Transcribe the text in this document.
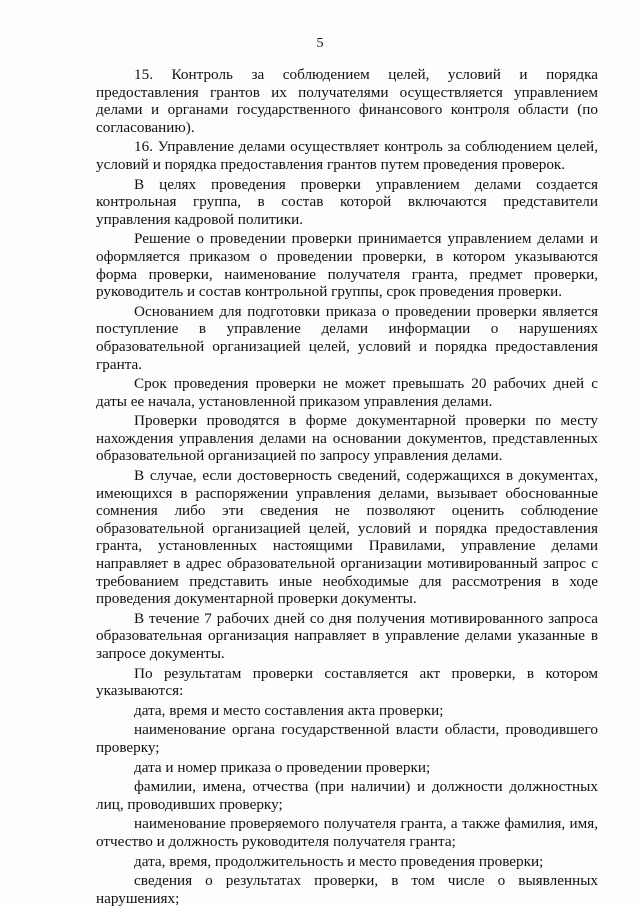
5

15. Контроль за соблюдением целей, условий и порядка предоставления грантов их получателями осуществляется управлением делами и органами государственного финансового контроля области (по согласованию).

16. Управление делами осуществляет контроль за соблюдением целей, условий и порядка предоставления грантов путем проведения проверок.

В целях проведения проверки управлением делами создается контрольная группа, в состав которой включаются представители управления кадровой политики.

Решение о проведении проверки принимается управлением делами и оформляется приказом о проведении проверки, в котором указываются форма проверки, наименование получателя гранта, предмет проверки, руководитель и состав контрольной группы, срок проведения проверки.

Основанием для подготовки приказа о проведении проверки является поступление в управление делами информации о нарушениях образовательной организацией целей, условий и порядка предоставления гранта.

Срок проведения проверки не может превышать 20 рабочих дней с даты ее начала, установленной приказом управления делами.

Проверки проводятся в форме документарной проверки по месту нахождения управления делами на основании документов, представленных образовательной организацией по запросу управления делами.

В случае, если достоверность сведений, содержащихся в документах, имеющихся в распоряжении управления делами, вызывает обоснованные сомнения либо эти сведения не позволяют оценить соблюдение образовательной организацией целей, условий и порядка предоставления гранта, установленных настоящими Правилами, управление делами направляет в адрес образовательной организации мотивированный запрос с требованием представить иные необходимые для рассмотрения в ходе проведения документарной проверки документы.

В течение 7 рабочих дней со дня получения мотивированного запроса образовательная организация направляет в управление делами указанные в запросе документы.

По результатам проверки составляется акт проверки, в котором указываются:

дата, время и место составления акта проверки;

наименование органа государственной власти области, проводившего проверку;

дата и номер приказа о проведении проверки;

фамилии, имена, отчества (при наличии) и должности должностных лиц, проводивших проверку;

наименование проверяемого получателя гранта, а также фамилия, имя, отчество и должность руководителя получателя гранта;

дата, время, продолжительность и место проведения проверки;

сведения о результатах проверки, в том числе о выявленных нарушениях;
